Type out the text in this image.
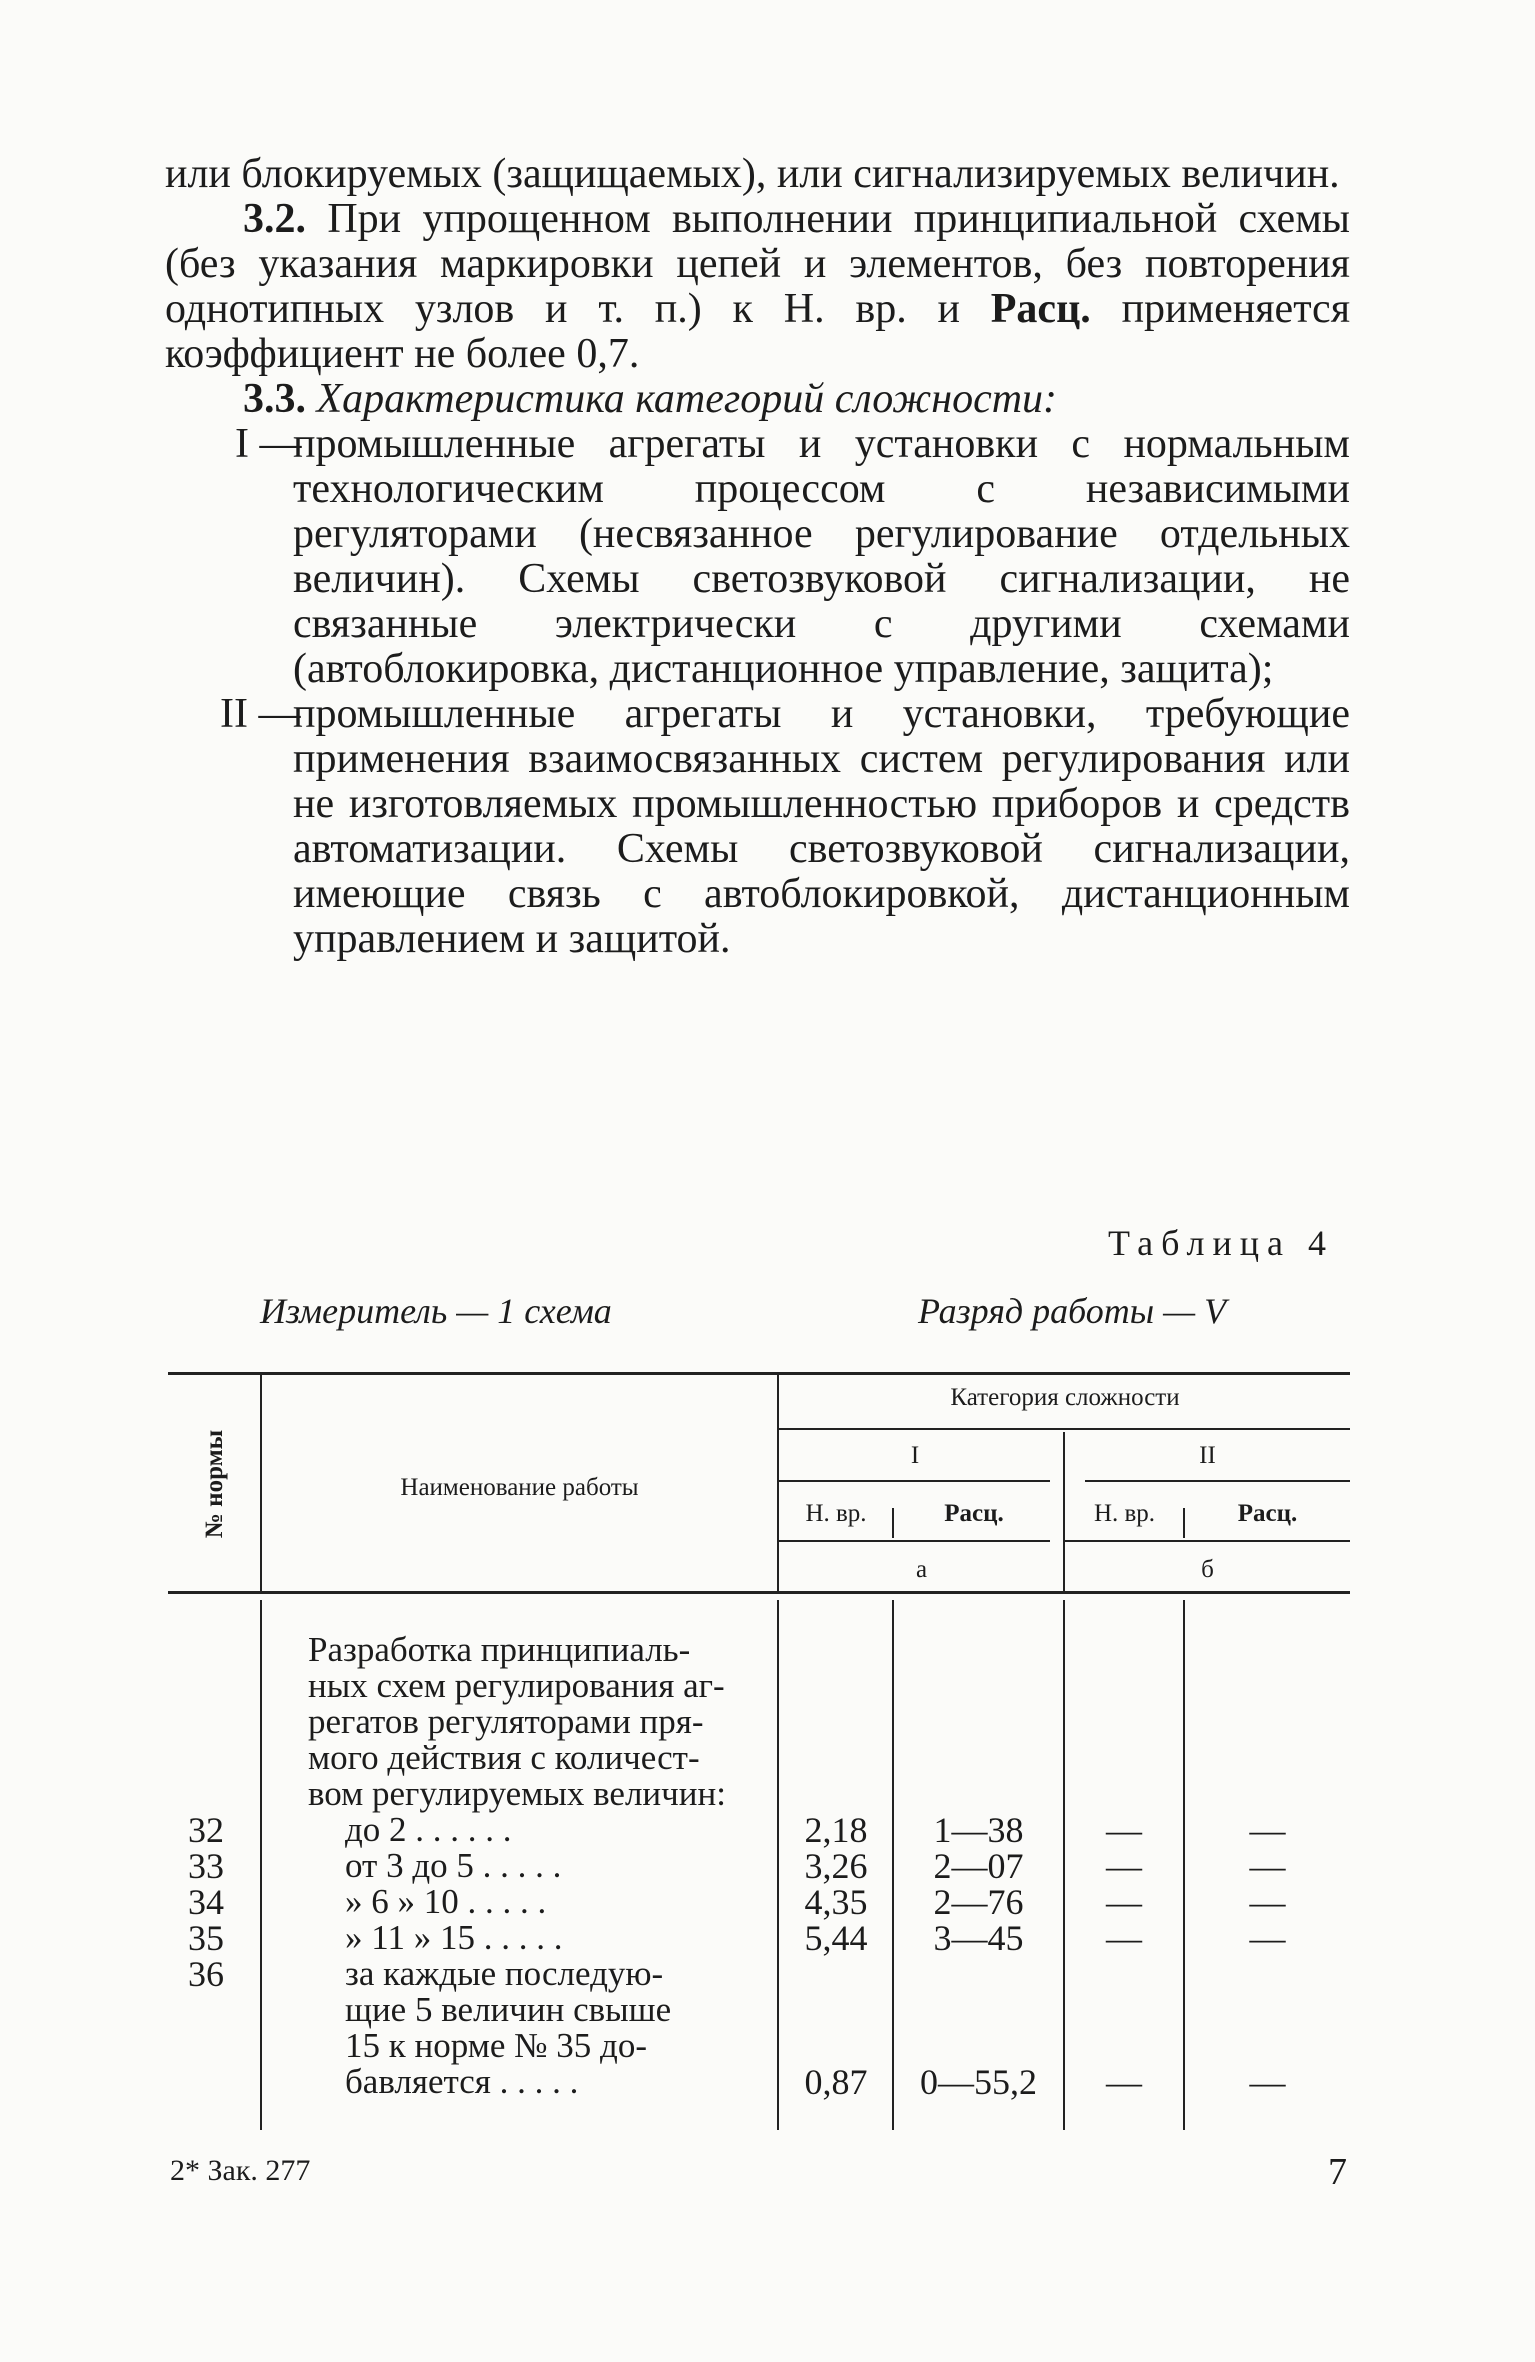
или блокируемых (защищаемых), или сигнализируемых величин.

3.2. При упрощенном выполнении принципиальной схемы (без указания маркировки цепей и элементов, без повторения однотипных узлов и т. п.) к Н. вр. и Расц. применяется коэффициент не более 0,7.

3.3. Характеристика категорий сложности:

I —
промышленные агрегаты и установки с нормальным технологическим процессом с независимыми регуляторами (несвязанное регулирование отдельных величин). Схемы светозвуковой сигнализации, не связанные электрически с другими схемами (автоблокировка, дистанционное управление, защита);
II —
промышленные агрегаты и установки, требующие применения взаимосвязанных систем регулирования или не изготовляемых промышленностью приборов и средств автоматизации. Схемы светозвуковой сигнализации, имеющие связь с автоблокировкой, дистанционным управлением и защитой.
Таблица 4
Измеритель — 1 схема	Разряд работы — V
№ нормы	Наименование работы
Категория сложности
I	II
Н. вр.	Расц.	Н. вр.	Расц.
а	б
Разработка принципиаль-
ных схем регулирования аг-
регатов регуляторами пря-
мого действия с количест-
вом регулируемых величин:
32	до 2 . . . . . .	2,18	1—38	—	—
33	от 3 до 5 . . . . .	3,26	2—07	—	—
34	» 6 » 10 . . . . .	4,35	2—76	—	—
35	» 11 » 15 . . . . .	5,44	3—45	—	—
36	за каждые последую-
щие 5 величин свыше
15 к норме № 35 до-
бавляется . . . . .	0,87	0—55,2	—	—
2* Зак. 277	7
